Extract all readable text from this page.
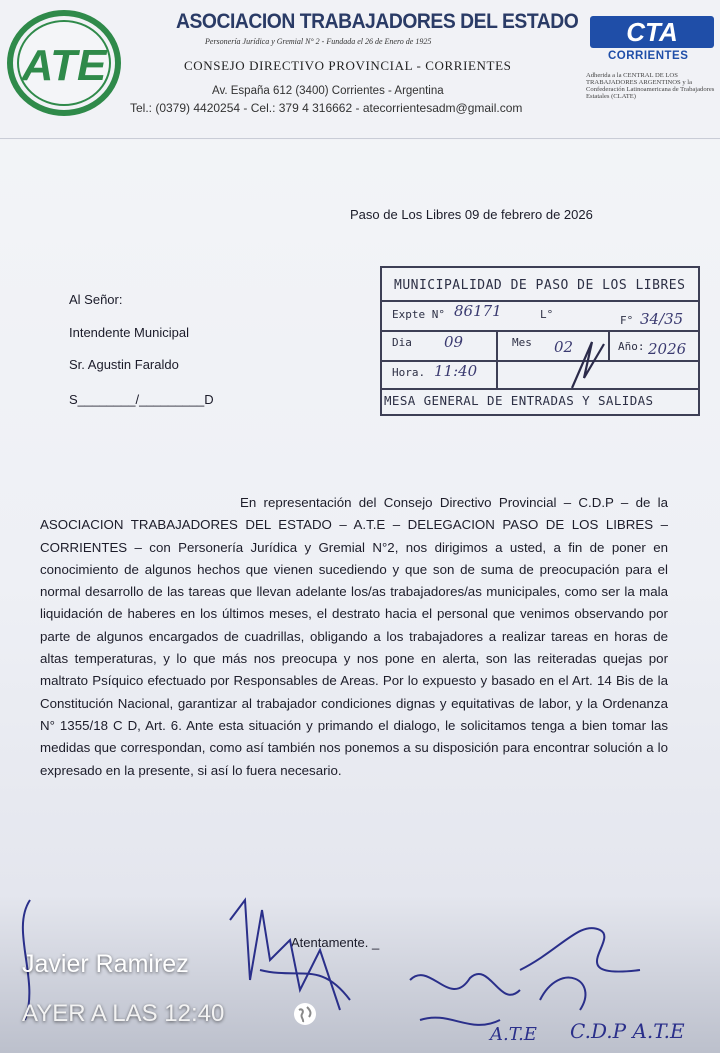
ATE
ASOCIACION TRABAJADORES DEL ESTADO
Personería Jurídica y Gremial N° 2 - Fundada el 26 de Enero de 1925
CONSEJO DIRECTIVO PROVINCIAL - CORRIENTES
Av. España 612 (3400) Corrientes - Argentina
Tel.: (0379) 4420254 - Cel.: 379 4 316662 - atecorrientesadm@gmail.com
CTA
CORRIENTES
Adherida a la CENTRAL DE LOS TRABAJADORES ARGENTINOS y la Confederación Latinoamericana de Trabajadores Estatales (CLATE)
Paso de Los Libres 09 de febrero de 2026
MUNICIPALIDAD DE PASO DE LOS LIBRES
Expte N° 86171	L°	F° 34/35
Dia 09	Mes 02	Año: 2026
Hora. 11:40
MESA GENERAL DE ENTRADAS Y SALIDAS
Al Señor:
Intendente Municipal
Sr. Agustin Faraldo
S________/_________D

En representación del Consejo Directivo Provincial – C.D.P – de la ASOCIACION TRABAJADORES DEL ESTADO – A.T.E – DELEGACION PASO DE LOS LIBRES – CORRIENTES – con Personería Jurídica y Gremial N°2, nos dirigimos a usted, a fin de poner en conocimiento de algunos hechos que vienen sucediendo y que son de suma de preocupación para el normal desarrollo de las tareas que llevan adelante los/as trabajadores/as municipales, como ser la mala liquidación de haberes en los últimos meses, el destrato hacia el personal que venimos observando por parte de algunos encargados de cuadrillas, obligando a los trabajadores a realizar tareas en horas de altas temperaturas, y lo que más nos preocupa y nos pone en alerta, son las reiteradas quejas por maltrato Psíquico efectuado por Responsables de Areas. Por lo expuesto y basado en el Art. 14 Bis de la Constitución Nacional, garantizar al trabajador condiciones dignas y equitativas de labor, y la Ordenanza N° 1355/18 C D, Art. 6. Ante esta situación y primando el dialogo, le solicitamos tenga a bien tomar las medidas que correspondan, como así también nos ponemos a su disposición para encontrar solución a lo expresado en la presente, si así lo fuera necesario.

Atentamente. _
A.T.E C.D.P A.T.E
Javier Ramirez
AYER A LAS 12:40
